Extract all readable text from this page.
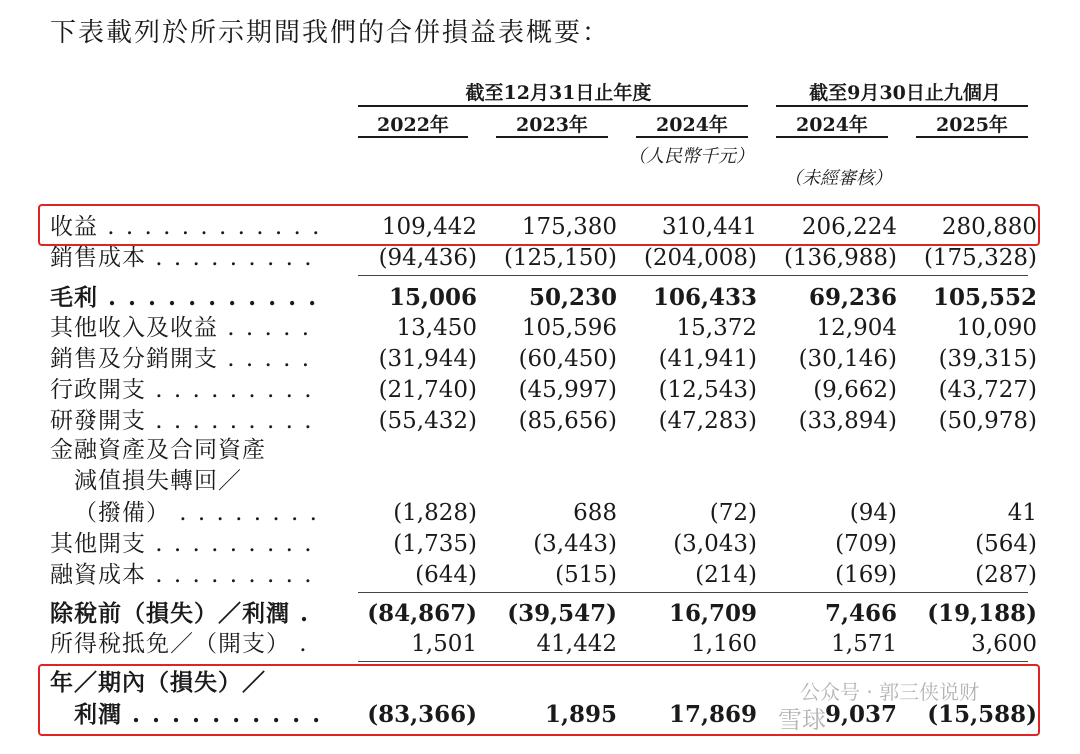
下表載列於所示期間我們的合併損益表概要：
截至12月31日止年度	截至9月30日止九個月
2022年	2023年	2024年	2024年	2025年
（人民幣千元）
（未經審核）
收益 . . .	109,442	175,380	310,441	206,224	280,880
銷售成本 . . .	(94,436)	(125,150)	(204,008)	(136,988)	(175,328)
毛利 . . .	15,006	50,230	106,433	69,236	105,552
其他收入及收益 . . .	13,450	105,596	15,372	12,904	10,090
銷售及分銷開支 . . .	(31,944)	(60,450)	(41,941)	(30,146)	(39,315)
行政開支 . . .	(21,740)	(45,997)	(12,543)	(9,662)	(43,727)
研發開支 . . .	(55,432)	(85,656)	(47,283)	(33,894)	(50,978)
金融資產及合同資產
減值損失轉回／
（撥備） . . .	(1,828)	688	(72)	(94)	41
其他開支 . . .	(1,735)	(3,443)	(3,043)	(709)	(564)
融資成本 . . .	(644)	(515)	(214)	(169)	(287)
除稅前（損失）／利潤 . . .	(84,867)	(39,547)	16,709	7,466	(19,188)
所得稅抵免／（開支） . . .	1,501	41,442	1,160	1,571	3,600
年／期內（損失）／
利潤 . . .	(83,366)	1,895	17,869	9,037	(15,588)
雪球
公众号 · 郭三侠说财
